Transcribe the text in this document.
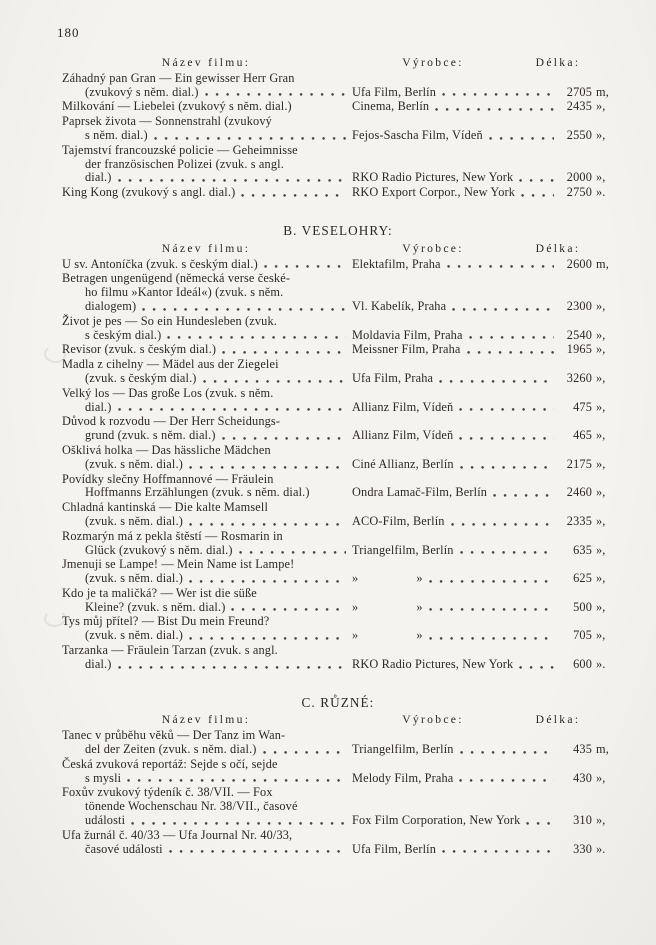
180
Název filmu:	Výrobce:	Délka:
Záhadný pan Gran — Ein gewisser Herr Gran
(zvukový s něm. dial.)	Ufa Film, Berlín	2705 m,
Milkování — Liebelei (zvukový s něm. dial.)	Cinema, Berlín	2435 »,
Paprsek života — Sonnenstrahl (zvukový
s něm. dial.)	Fejos-Sascha Film, Vídeň	2550 »,
Tajemství francouzské policie — Geheimnisse
der französischen Polizei (zvuk. s angl.
dial.)	RKO Radio Pictures, New York	2000 »,
King Kong (zvukový s angl. dial.)	RKO Export Corpor., New York	2750 ».
B. VESELOHRY:
Název filmu:	Výrobce:	Délka:
U sv. Antoníčka (zvuk. s českým dial.)	Elektafilm, Praha	2600 m,
Betragen ungenügend (německá verse české-
ho filmu »Kantor Ideál«) (zvuk. s něm.
dialogem)	Vl. Kabelík, Praha	2300 »,
Život je pes — So ein Hundesleben (zvuk.
s českým dial.)	Moldavia Film, Praha	2540 »,
Revisor (zvuk. s českým dial.)	Meissner Film, Praha	1965 »,
Madla z cihelny — Mädel aus der Ziegelei
(zvuk. s českým dial.)	Ufa Film, Praha	3260 »,
Velký los — Das große Los (zvuk. s něm.
dial.)	Allianz Film, Vídeň	475 »,
Důvod k rozvodu — Der Herr Scheidungs-
grund (zvuk. s něm. dial.)	Allianz Film, Vídeň	465 »,
Ošklivá holka — Das hässliche Mädchen
(zvuk. s něm. dial.)	Ciné Allianz, Berlín	2175 »,
Povídky slečny Hoffmannové — Fräulein
Hoffmanns Erzählungen (zvuk. s něm. dial.)	Ondra Lamač-Film, Berlín	2460 »,
Chladná kantinská — Die kalte Mamsell
(zvuk. s něm. dial.)	ACO-Film, Berlín	2335 »,
Rozmarýn má z pekla štěstí — Rosmarin in
Glück (zvukový s něm. dial.)	Triangelfilm, Berlín	635 »,
Jmenuji se Lampe! — Mein Name ist Lampe!
(zvuk. s něm. dial.)	»	»	625 »,
Kdo je ta maličká? — Wer ist die süße
Kleine? (zvuk. s něm. dial.)	»	»	500 »,
Tys můj přítel? — Bist Du mein Freund?
(zvuk. s něm. dial.)	»	»	705 »,
Tarzanka — Fräulein Tarzan (zvuk. s angl.
dial.)	RKO Radio Pictures, New York	600 ».
C. RŮZNÉ:
Název filmu:	Výrobce:	Délka:
Tanec v průběhu věků — Der Tanz im Wan-
del der Zeiten (zvuk. s něm. dial.)	Triangelfilm, Berlín	435 m,
Česká zvuková reportáž: Sejde s očí, sejde
s mysli	Melody Film, Praha	430 »,
Foxův zvukový týdeník č. 38/VII. — Fox
tönende Wochenschau Nr. 38/VII., časové
události	Fox Film Corporation, New York	310 »,
Ufa žurnál č. 40/33 — Ufa Journal Nr. 40/33,
časové události	Ufa Film, Berlín	330 ».
